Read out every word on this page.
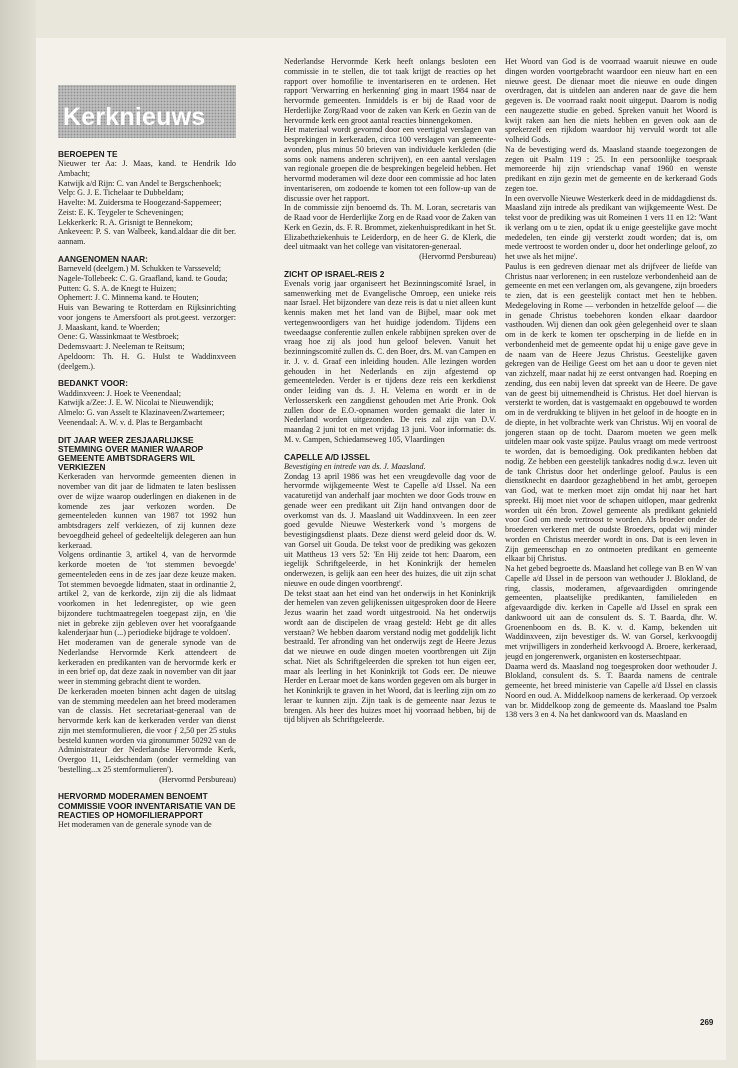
Kerknieuws
BEROEPEN TE

Nieuwer ter Aa: J. Maas, kand. te Hendrik Ido Ambacht;

Katwijk a/d Rijn: C. van Andel te Bergschenhoek;

Velp: G. J. E. Tichelaar te Dubbeldam;

Havelte: M. Zuidersma te Hoogezand-Sappemeer;

Zeist: E. K. Teygeler te Scheveningen;

Lekkerkerk: R. A. Grisnigt te Bennekom;

Ankeveen: P. S. van Walbeek, kand.aldaar die dit ber. aannam.

AANGENOMEN NAAR:

Barneveld (deelgem.) M. Schukken te Varsseveld;

Nagele-Tollebeek: C. G. Graafland, kand. te Gouda;

Putten: G. S. A. de Knegt te Huizen;

Ophemert: J. C. Minnema kand. te Houten;

Huis van Bewaring te Rotterdam en Rijksinrichting voor jongens te Amersfoort als prot.geest. verzorger: J. Maaskant, kand. te Woerden;

Oene: G. Wassinkmaat te Westbroek;

Dedemsvaart: J. Neeleman te Reitsum;

Apeldoorn: Th. H. G. Hulst te Waddinxveen (deelgem.).

BEDANKT VOOR:

Waddinxveen: J. Hoek te Veenendaal;

Katwijk a/Zee: J. E. W. Nicolai te Nieuwendijk;

Almelo: G. van Asselt te Klazinaveen/Zwartemeer;

Veenendaal: A. W. v. d. Plas te Bergambacht

DIT JAAR WEER ZESJAARLIJKSE STEMMING OVER MANIER WAAROP GEMEENTE AMBTSDRAGERS WIL VERKIEZEN

Kerkeraden van hervormde gemeenten dienen in november van dit jaar de lidmaten te laten beslissen over de wijze waarop ouderlingen en diakenen in de komende zes jaar verkozen worden. De gemeenteleden kunnen van 1987 tot 1992 hun ambtsdragers zelf verkiezen, of zij kunnen deze bevoegdheid geheel of gedeeltelijk delegeren aan hun kerkeraad.

Volgens ordinantie 3, artikel 4, van de hervormde kerkorde moeten de 'tot stemmen bevoegde' gemeenteleden eens in de zes jaar deze keuze maken. Tot stemmen bevoegde lidmaten, staat in ordinantie 2, artikel 2, van de kerkorde, zijn zij die als lidmaat voorkomen in het ledenregister, op wie geen bijzondere tuchtmaatregelen toegepast zijn, en 'die niet in gebreke zijn gebleven over het voorafgaande kalenderjaar hun (...) periodieke bijdrage te voldoen'.

Het moderamen van de generale synode van de Nederlandse Hervormde Kerk attendeert de kerkeraden en predikanten van de hervormde kerk er in een brief op, dat deze zaak in november van dit jaar weer in stemming gebracht dient te worden.

De kerkeraden moeten binnen acht dagen de uitslag van de stemming meedelen aan het breed moderamen van de classis. Het secretariaat-generaal van de hervormde kerk kan de kerkeraden verder van dienst zijn met stemformulieren, die voor ƒ 2,50 per 25 stuks besteld kunnen worden via gironummer 50292 van de Administrateur der Nederlandse Hervormde Kerk, Overgoo 11, Leidschendam (onder vermelding van 'bestelling...x 25 stemformulieren').

(Hervormd Persbureau)

HERVORMD MODERAMEN BENOEMT COMMISSIE VOOR INVENTARISATIE VAN DE REACTIES OP HOMOFILIERAPPORT

Het moderamen van de generale synode van de

Nederlandse Hervormde Kerk heeft onlangs besloten een commissie in te stellen, die tot taak krijgt de reacties op het rapport over homofilie te inventariseren en te ordenen. Het rapport 'Verwarring en herkenning' ging in maart 1984 naar de hervormde gemeenten. Inmiddels is er bij de Raad voor de Herderlijke Zorg/Raad voor de zaken van Kerk en Gezin van de hervormde kerk een groot aantal reacties binnengekomen.

Het materiaal wordt gevormd door een veertigtal verslagen van besprekingen in kerkeraden, circa 100 verslagen van gemeente-avonden, plus minus 50 brieven van individuele kerkleden (die soms ook namens anderen schrijven), en een aantal verslagen van regionale groepen die de besprekingen begeleid hebben. Het hervormd moderamen wil deze door een commissie ad hoc laten inventariseren, om zodoende te komen tot een follow-up van de discussie over het rapport.

In de commissie zijn benoemd ds. Th. M. Loran, secretaris van de Raad voor de Herderlijke Zorg en de Raad voor de Zaken van Kerk en Gezin, ds. F. R. Brommet, ziekenhuispredikant in het St. Elizabethziekenhuis te Leiderdorp, en de heer G. de Klerk, die deel uitmaakt van het college van visitatoren-generaal.

(Hervormd Persbureau)

ZICHT OP ISRAEL-REIS 2

Evenals vorig jaar organiseert het Bezinningscomité Israel, in samenwerking met de Evangelische Omroep, een unieke reis naar Israel. Het bijzondere van deze reis is dat u niet alleen kunt kennis maken met het land van de Bijbel, maar ook met vertegenwoordigers van het huidige jodendom. Tijdens een tweedaagse conferentie zullen enkele rabbijnen spreken over de vraag hoe zij als jood hun geloof beleven. Vanuit het bezinningscomité zullen ds. C. den Boer, drs. M. van Campen en ir. J. v. d. Graaf een inleiding houden. Alle lezingen worden gehouden in het Nederlands en zijn afgestemd op gemeenteleden. Verder is er tijdens deze reis een kerkdienst onder leiding van ds. J. H. Velema en wordt er in de Verlosserskerk een zangdienst gehouden met Arie Pronk. Ook zullen door de E.O.-opnamen worden gemaakt die later in Nederland worden uitgezonden. De reis zal zijn van D.V. maandag 2 juni tot en met vrijdag 13 juni. Voor informatie: ds. M. v. Campen, Schiedamseweg 105, Vlaardingen

CAPELLE A/D IJSSEL

Bevestiging en intrede van ds. J. Maasland.

Zondag 13 april 1986 was het een vreugdevolle dag voor de hervormde wijkgemeente West te Capelle a/d IJssel. Na een vacaturetijd van anderhalf jaar mochten we door Gods trouw en genade weer een predikant uit Zijn hand ontvangen door de overkomst van ds. J. Maasland uit Waddinxveen. In een zeer goed gevulde Nieuwe Westerkerk vond 's morgens de bevestigingsdienst plaats. Deze dienst werd geleid door ds. W. van Gorsel uit Gouda. De tekst voor de prediking was gekozen uit Mattheus 13 vers 52: 'En Hij zeide tot hen: Daarom, een iegelijk Schriftgeleerde, in het Koninkrijk der hemelen onderwezen, is gelijk aan een heer des huizes, die uit zijn schat nieuwe en oude dingen voortbrengt'.

De tekst staat aan het eind van het onderwijs in het Koninkrijk der hemelen van zeven gelijkenissen uitgesproken door de Heere Jezus waarin het zaad wordt uitgestrooid. Na het onderwijs wordt aan de discipelen de vraag gesteld: Hebt ge dit alles verstaan? We hebben daarom verstand nodig met goddelijk licht bestraald. Ter afronding van het onderwijs zegt de Heere Jezus dat we nieuwe en oude dingen moeten voortbrengen uit Zijn schat. Niet als Schriftgeleerden die spreken tot hun eigen eer, maar als leerling in het Koninkrijk tot Gods eer. De nieuwe Herder en Leraar moet de kans worden gegeven om als burger in het Koninkrijk te graven in het Woord, dat is leerling zijn om zo leraar te kunnen zijn. Zijn taak is de gemeente naar Jezus te brengen. Als heer des huizes moet hij voorraad hebben, bij de tijd blijven als Schriftgeleerde.

Het Woord van God is de voorraad waaruit nieuwe en oude dingen worden voortgebracht waardoor een nieuw hart en een nieuwe geest. De dienaar moet die nieuwe en oude dingen overdragen, dat is uitdelen aan anderen naar de gave die hem gegeven is. De voorraad raakt nooit uitgeput. Daarom is nodig een naugezette studie en gebed. Spreken vanuit het Woord is kwijt raken aan hen die niets hebben en geven ook aan de sprekerzelf een rijkdom waardoor hij vervuld wordt tot alle volheid Gods.

Na de bevestiging werd ds. Maasland staande toegezongen de zegen uit Psalm 119 : 25. In een persoonlijke toespraak memoreerde hij zijn vriendschap vanaf 1960 en wenste predikant en zijn gezin met de gemeente en de kerkeraad Gods zegen toe.

In een overvolle Nieuwe Westerkerk deed in de middagdienst ds. Maasland zijn intrede als predikant van wijkgemeente West. De tekst voor de prediking was uit Romeinen 1 vers 11 en 12: 'Want ik verlang om u te zien, opdat ik u enige geestelijke gave mocht mededelen, ten einde gij versterkt zoudt worden; dat is, om mede vertroost te worden onder u, door het onderlinge geloof, zo het uwe als het mijne'.

Paulus is een gedreven dienaar met als drijfveer de liefde van Christus naar verlorenen; in een rusteloze verbondenheid aan de gemeente en met een verlangen om, als gevangene, zijn broeders te zien, dat is een geestelijk contact met hen te hebben. Medegeloving in Rome — verbonden in hetzelfde geloof — die in genade Christus toebehoren konden elkaar daardoor vasthouden. Wij dienen dan ook gèen gelegenheid over te slaan om in de kerk te komen ter opscherping in de liefde en in verbondenheid met de gemeente opdat hij u enige gave geve in de naam van de Heere Jezus Christus. Geestelijke gaven gekregen van de Heilige Geest om het aan u door te geven niet van zichzelf, maar nadat hij ze eerst ontvangen had. Roeping en zending, dus een nabij leven dat spreekt van de Heere. De gave van de geest bij uitnemendheid is Christus. Het doel hiervan is versterkt te worden, dat is vastgemaakt en opgebouwd te worden om in de verdrukking te blijven in het geloof in de hoogte en in de diepte, in het volbrachte werk van Christus. Wij en vooral de jongeren staan op de tocht. Daarom moeten we geen melk uitdelen maar ook vaste spijze. Paulus vraagt om mede vertroost te worden, dat is bemoediging. Ook predikanten hebben dat nodig. Ze hebben een geestelijk tankadres nodig d.w.z. leven uit de tank Christus door het onderlinge geloof. Paulus is een dienstknecht en daardoor gezaghebbend in het ambt, geroepen van God, wat te merken moet zijn omdat hij naar het hart spreekt. Hij moet niet voor de schapen uitlopen, maar gedrenkt worden uit één bron. Zowel gemeente als predikant geknield voor God om mede vertroost te worden. Als broeder onder de broederen verkeren met de oudste Broeders, opdat wij minder worden en Christus meerder wordt in ons. Dat is een leven in Zijn gemeenschap en zo ontmoeten predikant en gemeente elkaar bij Christus.

Na het gebed begroette ds. Maasland het college van B en W van Capelle a/d IJssel in de persoon van wethouder J. Blokland, de ring, classis, moderamen, afgevaardigden omringende gemeenten, plaatselijke predikanten, familieleden en afgevaardigde div. kerken in Capelle a/d IJssel en sprak een dankwoord uit aan de consulent ds. S. T. Baarda, dhr. W. Groenenboom en ds. B. K. v. d. Kamp, bekenden uit Waddinxveen, zijn bevestiger ds. W. van Gorsel, kerkvoogdij met vrijwilligers in zonderheid kerkvoogd A. Broere, kerkeraad, jeugd en jongerenwerk, organisten en kostersechtpaar.

Daarna werd ds. Maasland nog toegesproken door wethouder J. Blokland, consulent ds. S. T. Baarda namens de centrale gemeente, het breed ministerie van Capelle a/d IJssel en classis Noord en oud. A. Middelkoop namens de kerkeraad. Op verzoek van br. Middelkoop zong de gemeente ds. Maasland toe Psalm 138 vers 3 en 4. Na het dankwoord van ds. Maasland en

269
